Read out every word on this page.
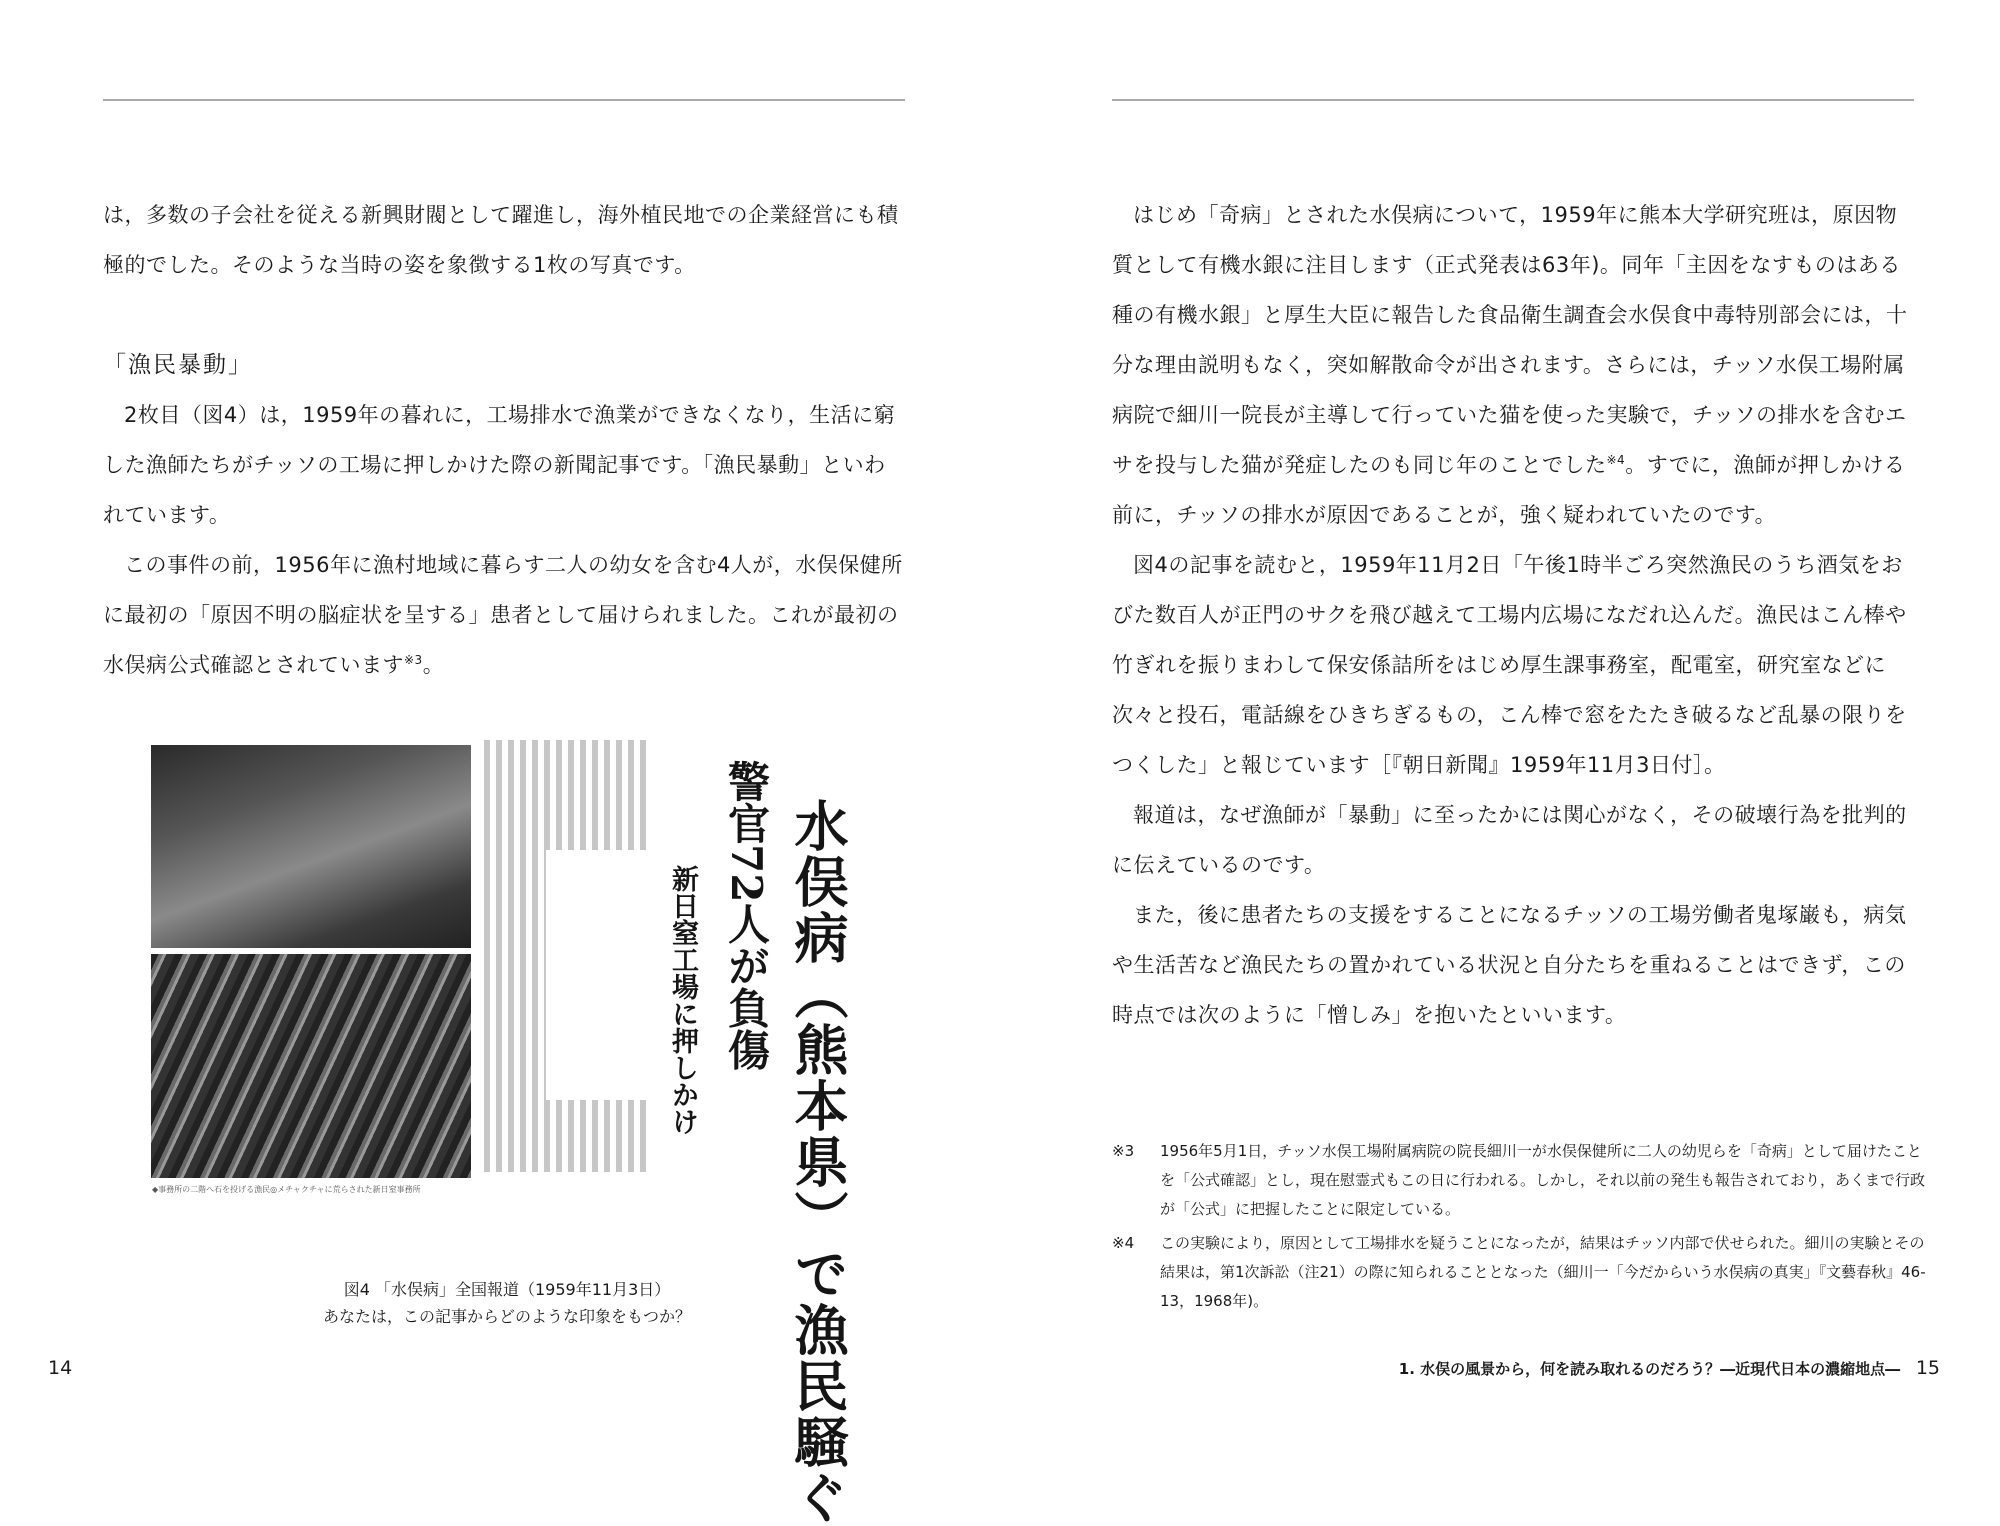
は，多数の子会社を従える新興財閥として躍進し，海外植民地での企業経営にも積極的でした。そのような当時の姿を象徴する1枚の写真です。

「漁民暴動」

2枚目（図4）は，1959年の暮れに，工場排水で漁業ができなくなり，生活に窮した漁師たちがチッソの工場に押しかけた際の新聞記事です。「漁民暴動」といわれています。

この事件の前，1956年に漁村地域に暮らす二人の幼女を含む4人が，水俣保健所に最初の「原因不明の脳症状を呈する」患者として届けられました。これが最初の水俣病公式確認とされています$^{※3}$。

◆事務所の二階へ石を投げる漁民◎メチャクチャに荒らされた新日窒事務所	水俣病（熊本県）で漁民騒ぐ
警官72人が負傷
新日窒工場に押しかけ
図4 「水俣病」全国報道（1959年11月3日）
あなたは，この記事からどのような印象をもつか？
14

はじめ「奇病」とされた水俣病について，1959年に熊本大学研究班は，原因物質として有機水銀に注目します（正式発表は63年)。同年「主因をなすものはある種の有機水銀」と厚生大臣に報告した食品衛生調査会水俣食中毒特別部会には，十分な理由説明もなく，突如解散命令が出されます。さらには，チッソ水俣工場附属病院で細川一院長が主導して行っていた猫を使った実験で，チッソの排水を含むエサを投与した猫が発症したのも同じ年のことでした$^{※4}$。すでに，漁師が押しかける前に，チッソの排水が原因であることが，強く疑われていたのです。

図4の記事を読むと，1959年11月2日「午後1時半ごろ突然漁民のうち酒気をおびた数百人が正門のサクを飛び越えて工場内広場になだれ込んだ。漁民はこん棒や竹ぎれを振りまわして保安係詰所をはじめ厚生課事務室，配電室，研究室などに次々と投石，電話線をひきちぎるもの，こん棒で窓をたたき破るなど乱暴の限りをつくした」と報じています［『朝日新聞』1959年11月3日付］。

報道は，なぜ漁師が「暴動」に至ったかには関心がなく，その破壊行為を批判的に伝えているのです。

また，後に患者たちの支援をすることになるチッソの工場労働者鬼塚巌も，病気や生活苦など漁民たちの置かれている状況と自分たちを重ねることはできず，この時点では次のように「憎しみ」を抱いたといいます。

※3	1956年5月1日，チッソ水俣工場附属病院の院長細川一が水俣保健所に二人の幼児らを「奇病」として届けたことを「公式確認」とし，現在慰霊式もこの日に行われる。しかし，それ以前の発生も報告されており，あくまで行政が「公式」に把握したことに限定している。
※4	この実験により，原因として工場排水を疑うことになったが，結果はチッソ内部で伏せられた。細川の実験とその結果は，第1次訴訟（注21）の際に知られることとなった（細川一「今だからいう水俣病の真実」『文藝春秋』46-13，1968年)。
1. 水俣の風景から，何を読み取れるのだろう？―近現代日本の濃縮地点― 15
